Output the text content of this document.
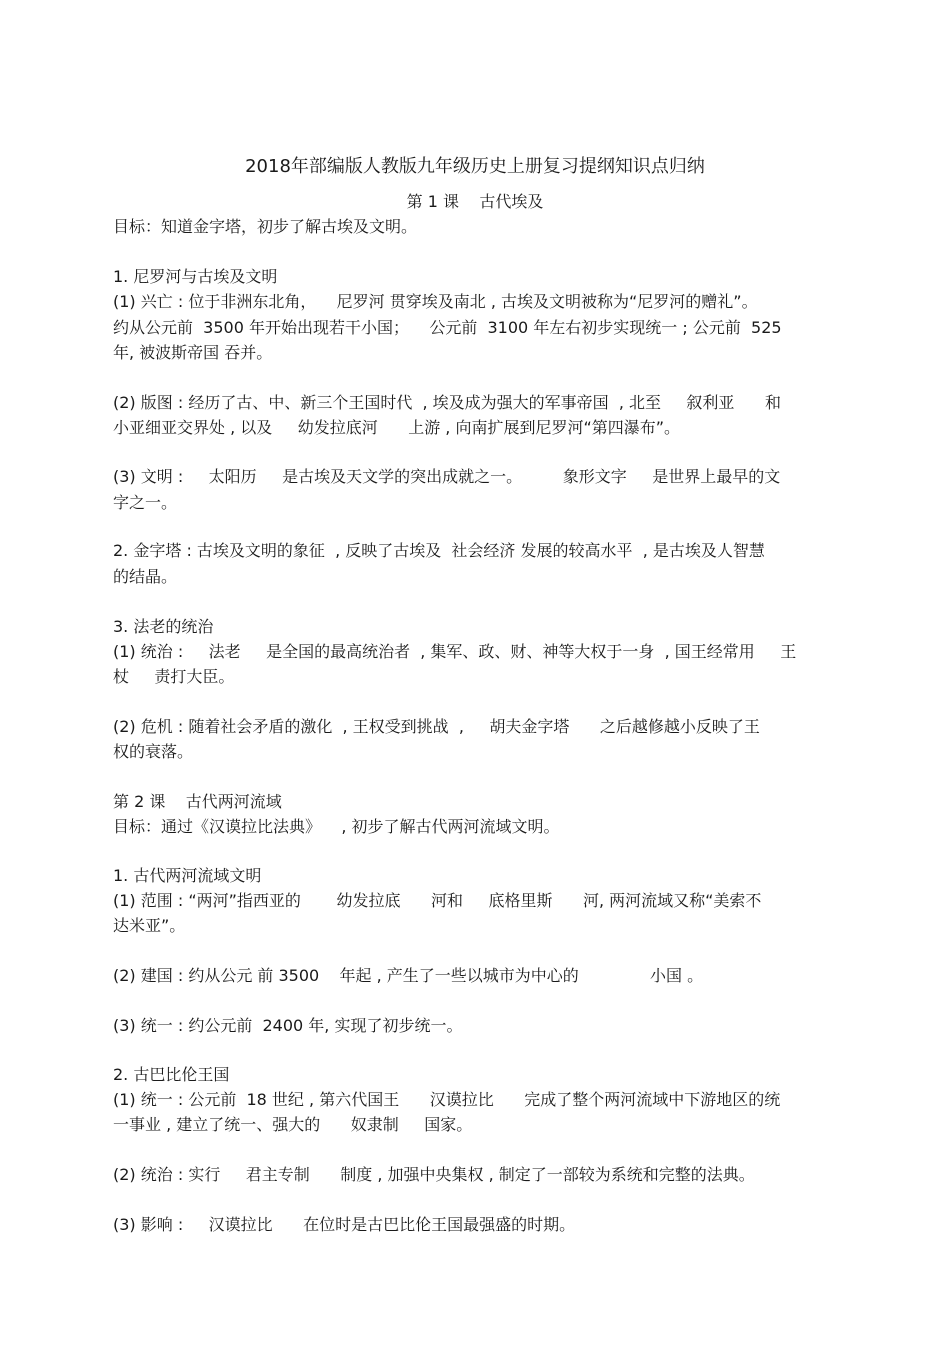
2018年部编版人教版九年级历史上册复习提纲知识点归纳
第 1 课    古代埃及

目标：知道金字塔，初步了解古埃及文明。

1. 尼罗河与古埃及文明

(1) 兴亡 : 位于非洲东北角，    尼罗河 贯穿埃及南北 , 古埃及文明被称为“尼罗河的赠礼”。

约从公元前  3500 年开始出现若干小国；    公元前  3100 年左右初步实现统一 ; 公元前  525

年, 被波斯帝国 吞并。

(2) 版图 : 经历了古、中、新三个王国时代  , 埃及成为强大的军事帝国  , 北至     叙利亚      和

小亚细亚交界处 , 以及     幼发拉底河      上游 , 向南扩展到尼罗河“第四瀑布”。

(3) 文明 :     太阳历     是古埃及天文学的突出成就之一。        象形文字     是世界上最早的文

字之一。

2. 金字塔 : 古埃及文明的象征  , 反映了古埃及  社会经济 发展的较高水平  , 是古埃及人智慧

的结晶。

3. 法老的统治

(1) 统治 :     法老     是全国的最高统治者  , 集军、政、财、神等大权于一身  , 国王经常用     王

杖     责打大臣。

(2) 危机 : 随着社会矛盾的激化  , 王权受到挑战  ,     胡夫金字塔      之后越修越小反映了王

权的衰落。

第 2 课    古代两河流域

目标：通过《汉谟拉比法典》    , 初步了解古代两河流域文明。

1. 古代两河流域文明

(1) 范围 : “两河”指西亚的       幼发拉底      河和     底格里斯      河, 两河流域又称“美索不

达米亚”。

(2) 建国 : 约从公元 前 3500    年起 , 产生了一些以城市为中心的              小国 。

(3) 统一 : 约公元前  2400 年, 实现了初步统一。

2. 古巴比伦王国

(1) 统一 : 公元前  18 世纪 , 第六代国王      汉谟拉比      完成了整个两河流域中下游地区的统

一事业 , 建立了统一、强大的      奴隶制     国家。

(2) 统治 : 实行     君主专制      制度 , 加强中央集权 , 制定了一部较为系统和完整的法典。

(3) 影响 :     汉谟拉比      在位时是古巴比伦王国最强盛的时期。
